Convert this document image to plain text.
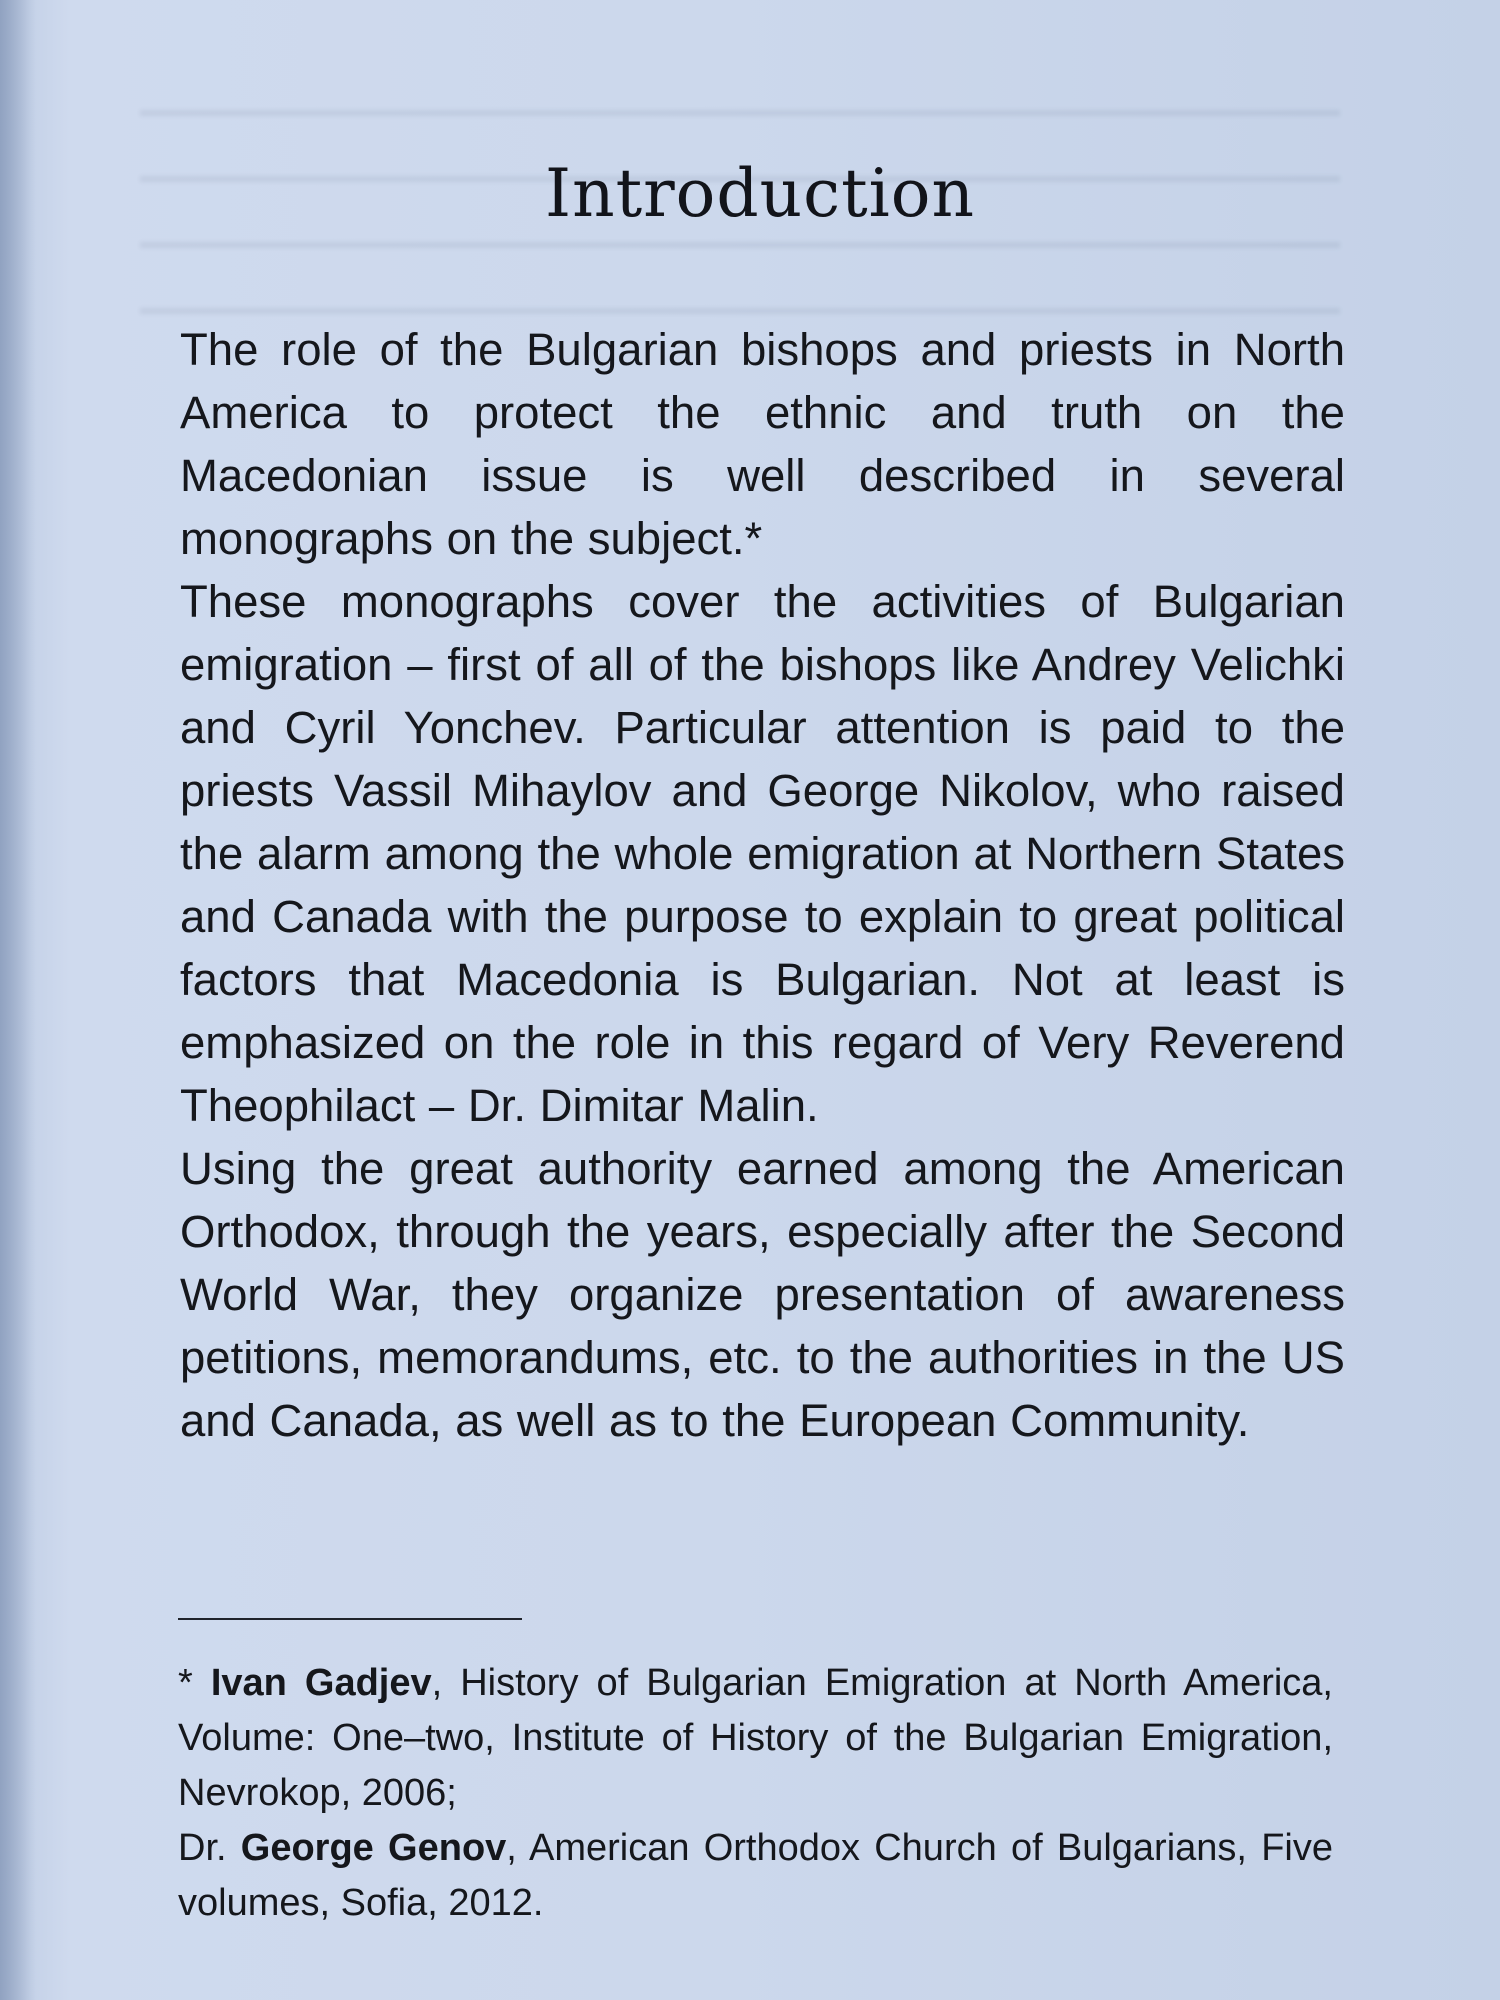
Introduction

The role of the Bulgarian bishops and priests in North America to protect the ethnic and truth on the Macedonian issue is well described in several monographs on the subject.*

These monographs cover the activities of Bulgarian emigration – first of all of the bishops like Andrey Velichki and Cyril Yonchev. Particular attention is paid to the priests Vassil Mihaylov and George Nikolov, who raised the alarm among the whole emigration at Northern States and Canada with the purpose to explain to great political factors that Macedonia is Bulgarian. Not at least is emphasized on the role in this regard of Very Reverend Theophilact – Dr. Dimitar Malin.

Using the great authority earned among the American Orthodox, through the years, especially after the Second World War, they organize presentation of awareness petitions, memorandums, etc. to the authorities in the US and Canada, as well as to the European Community.

* Ivan Gadjev, History of Bulgarian Emigration at North America, Volume: One–two, Institute of History of the Bulgarian Emigration, Nevrokop, 2006;

Dr. George Genov, American Orthodox Church of Bulgarians, Five volumes, Sofia, 2012.
